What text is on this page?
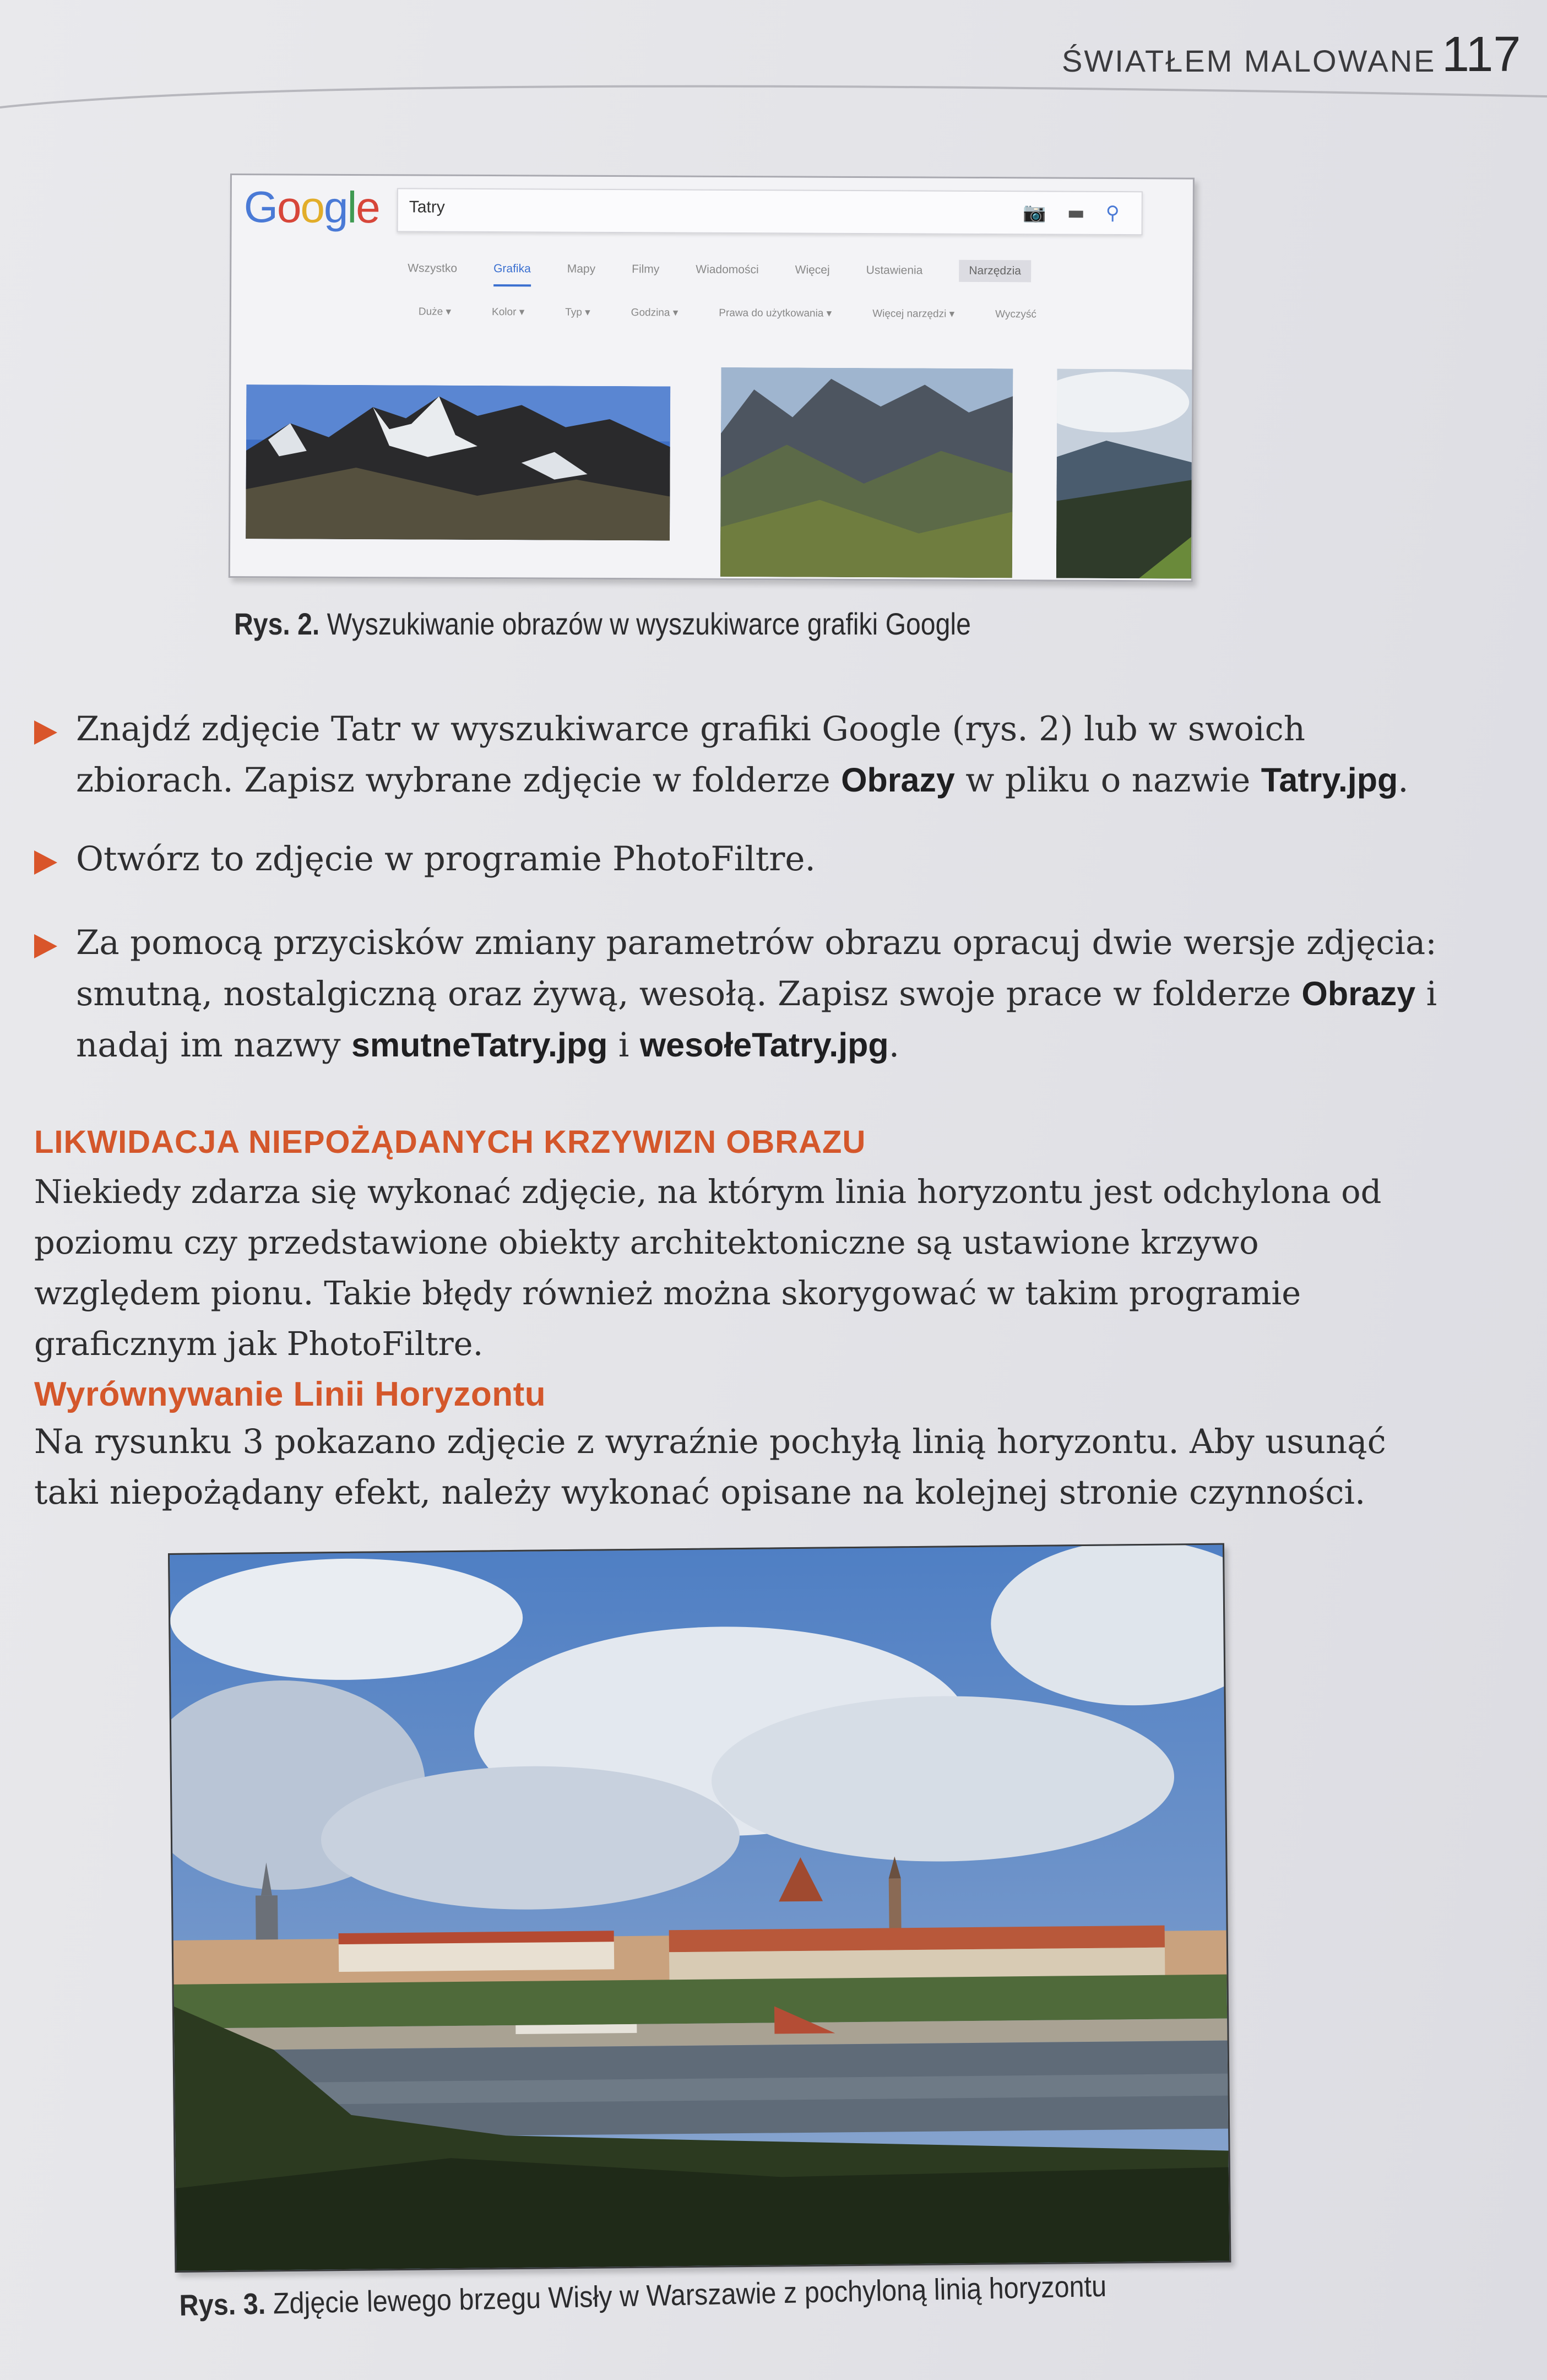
ŚWIATŁEM MALOWANE 117
Google Tatry	📷 ▬ ⚲
Wszystko	Grafika	Mapy	Filmy	Wiadomości	Więcej	Ustawienia	Narzędzia
Duże ▾	Kolor ▾	Typ ▾	Godzina ▾	Prawa do użytkowania ▾	Więcej narzędzi ▾	Wyczyść
Rys. 2. Wyszukiwanie obrazów w wyszukiwarce grafiki Google
Znajdź zdjęcie Tatr w wyszukiwarce grafiki Google (rys. 2) lub w swoich zbiorach. Zapisz wybrane zdjęcie w folderze Obrazy w pliku o nazwie Tatry.jpg.
Otwórz to zdjęcie w programie PhotoFiltre.
Za pomocą przycisków zmiany parametrów obrazu opracuj dwie wersje zdjęcia: smutną, nostalgiczną oraz żywą, wesołą. Zapisz swoje prace w folderze Obrazy i nadaj im nazwy smutneTatry.jpg i wesołeTatry.jpg.
LIKWIDACJA NIEPOŻĄDANYCH KRZYWIZN OBRAZU
Niekiedy zdarza się wykonać zdjęcie, na którym linia horyzontu jest odchylona od poziomu czy przedstawione obiekty architektoniczne są ustawione krzywo względem pionu. Takie błędy również można skorygować w takim programie graficznym jak PhotoFiltre.
Wyrównywanie Linii Horyzontu
Na rysunku 3 pokazano zdjęcie z wyraźnie pochyłą linią horyzontu. Aby usunąć taki niepożądany efekt, należy wykonać opisane na kolejnej stronie czynności.
Rys. 3. Zdjęcie lewego brzegu Wisły w Warszawie z pochyloną linią horyzontu
